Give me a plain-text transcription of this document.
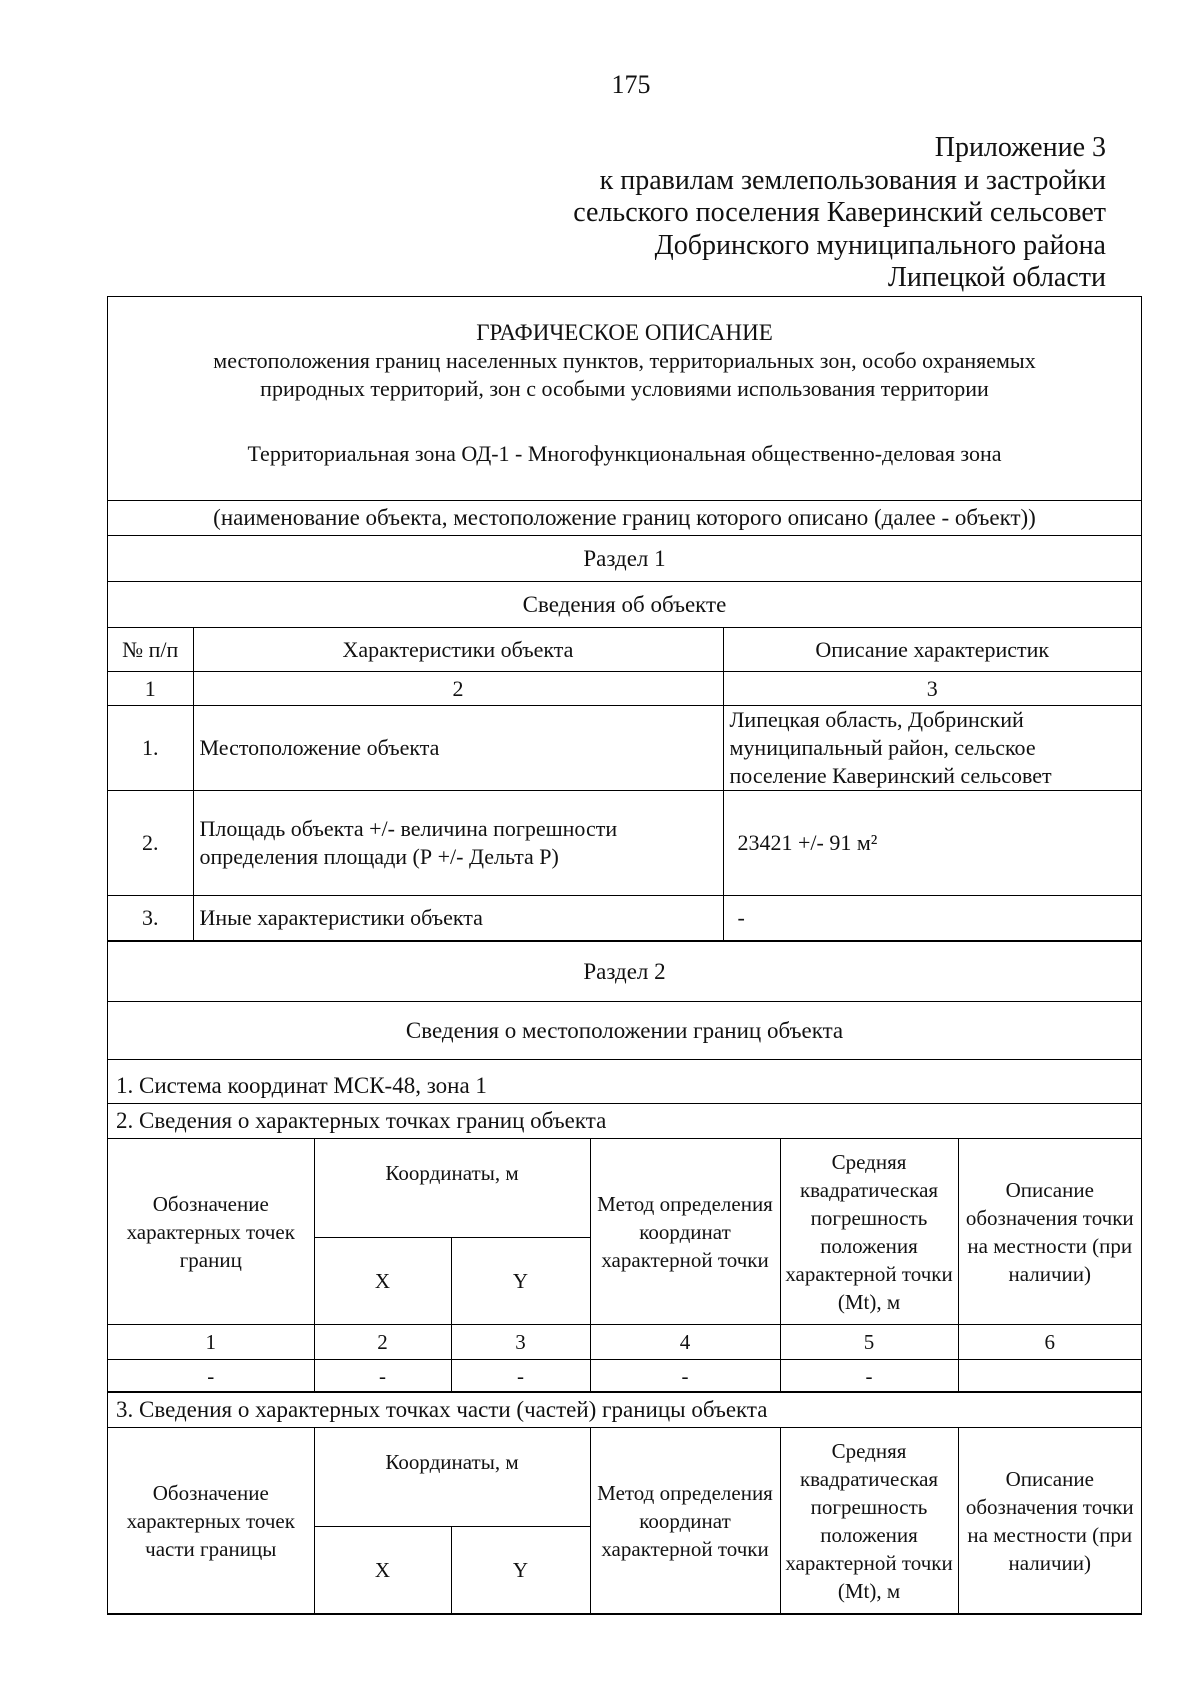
175
Приложение 3
к правилам землепользования и застройки
сельского поселения Каверинский сельсовет
Добринского муниципального района
Липецкой области
ГРАФИЧЕСКОЕ ОПИСАНИЕ
местоположения границ населенных пунктов, территориальных зон, особо охраняемых
природных территорий, зон с особыми условиями использования территории
Территориальная зона ОД-1 - Многофункциональная общественно-деловая зона
(наименование объекта, местоположение границ которого описано (далее - объект))
Раздел 1
Сведения об объекте
№ п/п	Характеристики объекта	Описание характеристик
1	2	3
1.	Местоположение объекта	Липецкая область, Добринский муниципальный район, сельское поселение Каверинский сельсовет
2.	Площадь объекта +/- величина погрешности определения площади (Р +/- Дельта Р)	23421 +/- 91 м²
3.	Иные характеристики объекта	-
Раздел 2
Сведения о местоположении границ объекта
1. Система координат МСК-48, зона 1
2. Сведения о характерных точках границ объекта
Обозначение характерных точек границ	Координаты, м		Метод определения координат характерной точки	Средняя квадратическая погрешность положения характерной точки (Mt), м	Описание обозначения точки на местности (при наличии)
	X	Y			
1	2	3	4	5	6
-	-	-	-	-	
3. Сведения о характерных точках части (частей) границы объекта
Обозначение характерных точек части границы	Координаты, м		Метод определения координат характерной точки	Средняя квадратическая погрешность положения характерной точки (Mt), м	Описание обозначения точки на местности (при наличии)
	X	Y			
